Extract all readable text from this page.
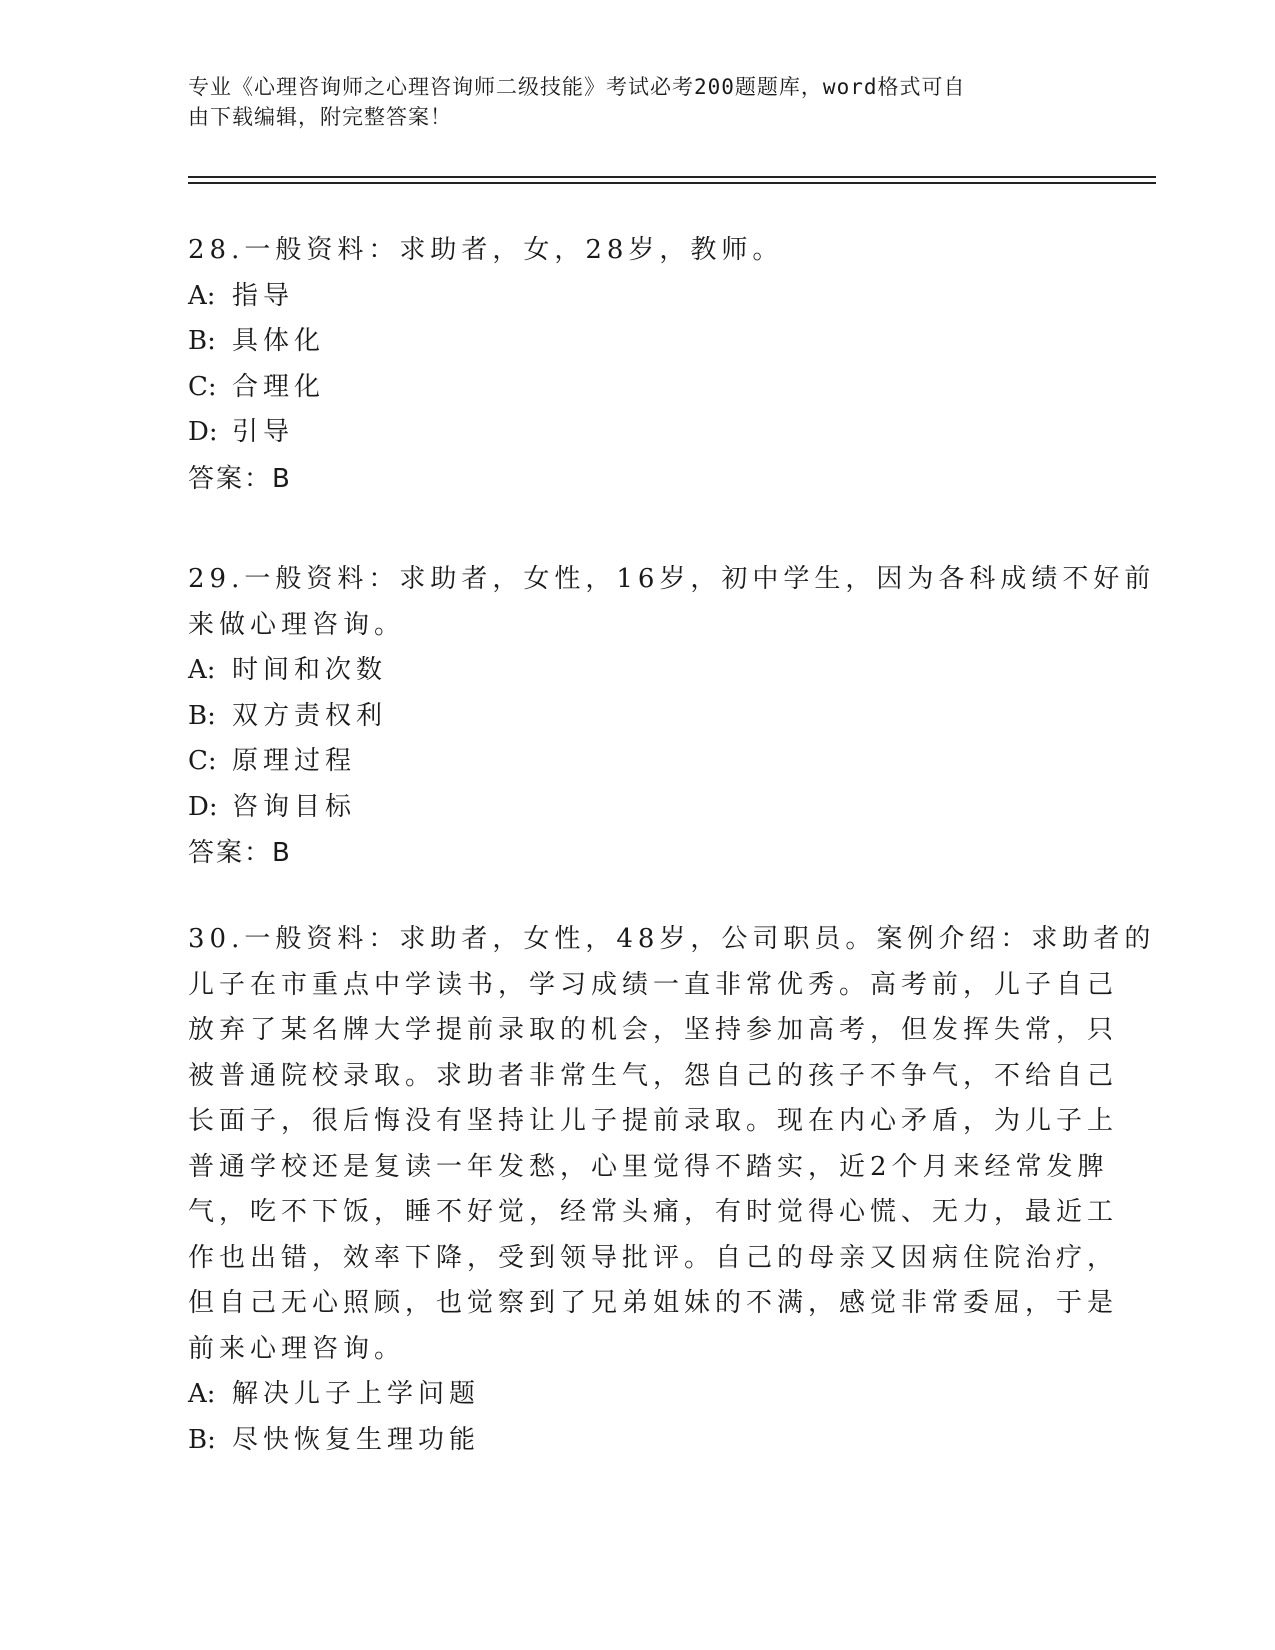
专业《心理咨询师之心理咨询师二级技能》考试必考200题题库，word格式可自
由下载编辑，附完整答案！
28.一般资料：求助者，女，28岁，教师。
A: 指导
B: 具体化
C: 合理化
D: 引导
答案：B
29.一般资料：求助者，女性，16岁，初中学生，因为各科成绩不好前
来做心理咨询。
A: 时间和次数
B: 双方责权利
C: 原理过程
D: 咨询目标
答案：B
30.一般资料：求助者，女性，48岁，公司职员。案例介绍：求助者的
儿子在市重点中学读书，学习成绩一直非常优秀。高考前，儿子自己
放弃了某名牌大学提前录取的机会，坚持参加高考，但发挥失常，只
被普通院校录取。求助者非常生气，怨自己的孩子不争气，不给自己
长面子，很后悔没有坚持让儿子提前录取。现在内心矛盾，为儿子上
普通学校还是复读一年发愁，心里觉得不踏实，近2个月来经常发脾
气，吃不下饭，睡不好觉，经常头痛，有时觉得心慌、无力，最近工
作也出错，效率下降，受到领导批评。自己的母亲又因病住院治疗，
但自己无心照顾，也觉察到了兄弟姐妹的不满，感觉非常委屈，于是
前来心理咨询。
A: 解决儿子上学问题
B: 尽快恢复生理功能
